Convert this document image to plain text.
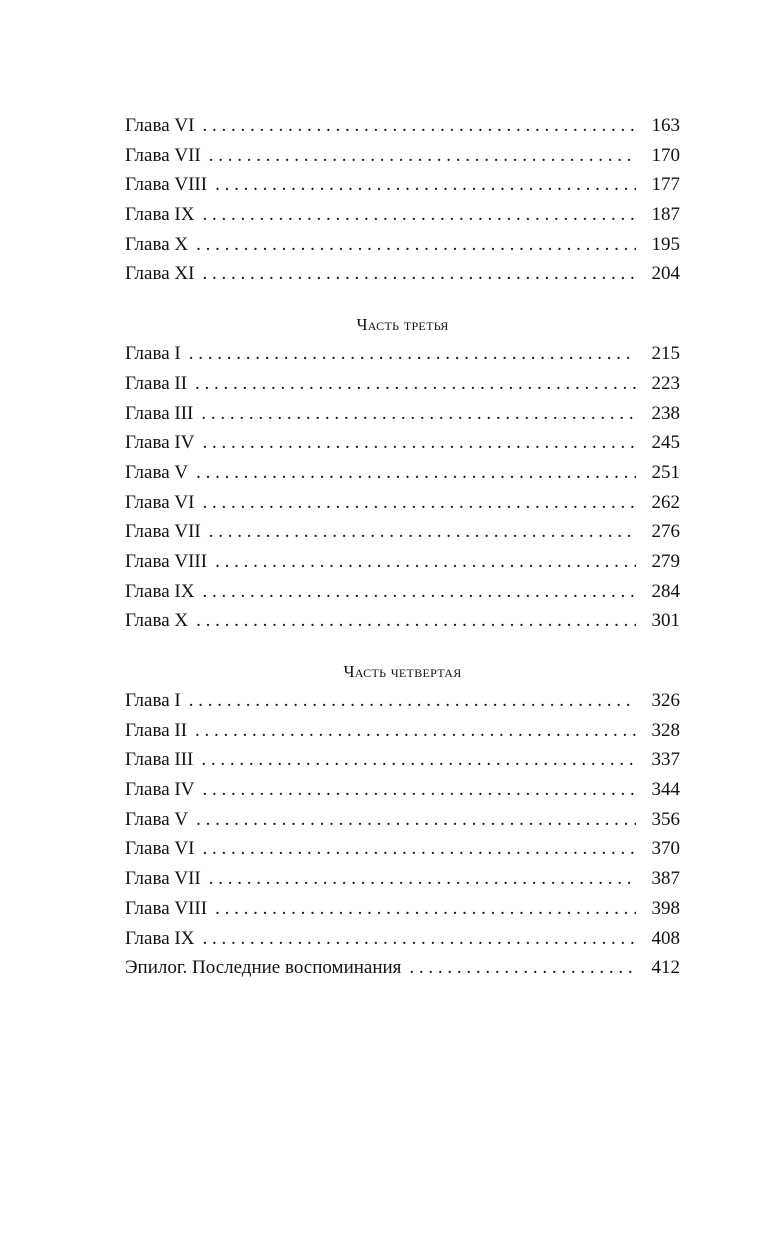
Глава VI . . .	163
Глава VII . . .	170
Глава VIII . . .	177
Глава IX . . .	187
Глава X . . .	195
Глава XI . . .	204
Часть третья
Глава I . . .	215
Глава II . . .	223
Глава III . . .	238
Глава IV . . .	245
Глава V . . .	251
Глава VI . . .	262
Глава VII . . .	276
Глава VIII . . .	279
Глава IX . . .	284
Глава X . . .	301
Часть четвертая
Глава I . . .	326
Глава II . . .	328
Глава III . . .	337
Глава IV . . .	344
Глава V . . .	356
Глава VI . . .	370
Глава VII . . .	387
Глава VIII . . .	398
Глава IX . . .	408
Эпилог. Последние воспоминания . . .	412
